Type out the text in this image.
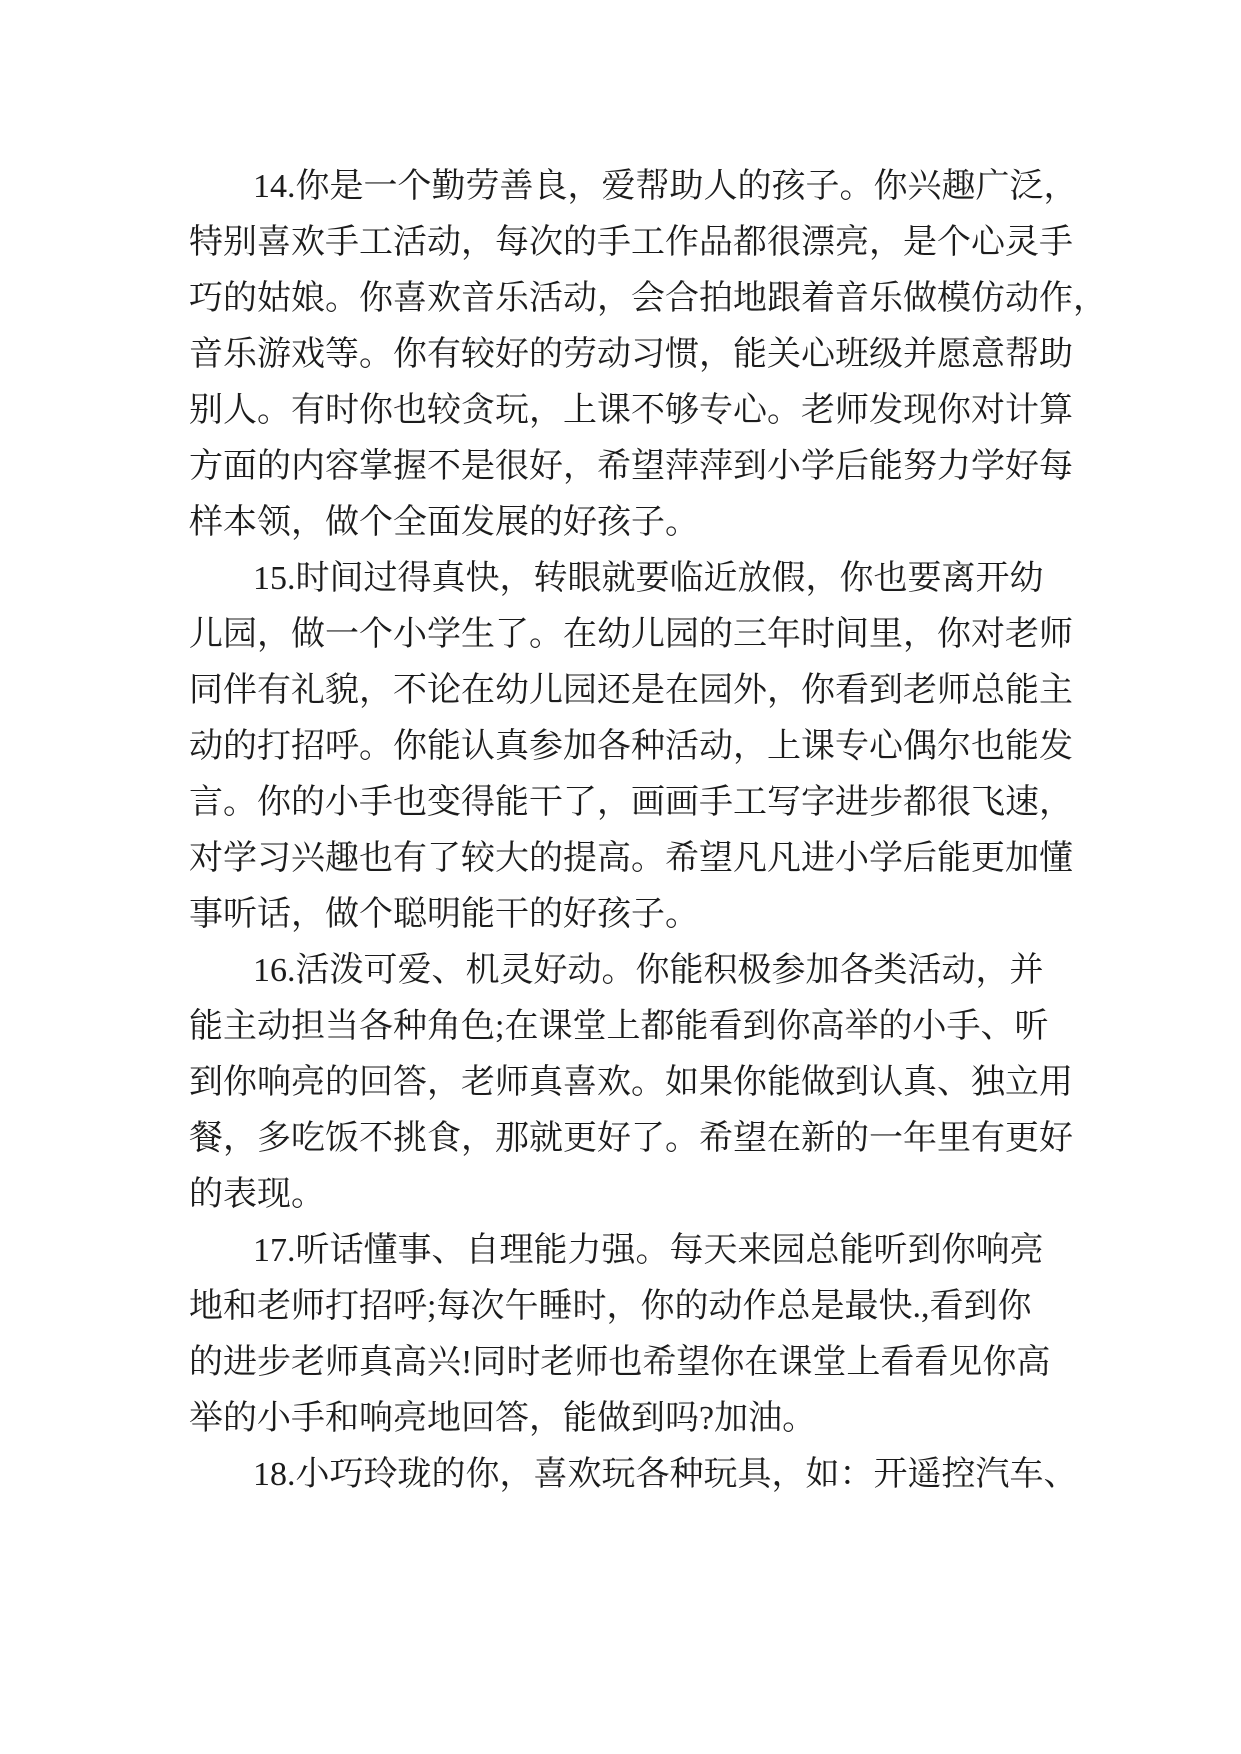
14.你是一个勤劳善良，爱帮助人的孩子。你兴趣广泛，
特别喜欢手工活动，每次的手工作品都很漂亮，是个心灵手
巧的姑娘。你喜欢音乐活动，会合拍地跟着音乐做模仿动作，
音乐游戏等。你有较好的劳动习惯，能关心班级并愿意帮助
别人。有时你也较贪玩，上课不够专心。老师发现你对计算
方面的内容掌握不是很好，希望萍萍到小学后能努力学好每
样本领，做个全面发展的好孩子。
15.时间过得真快，转眼就要临近放假，你也要离开幼
儿园，做一个小学生了。在幼儿园的三年时间里，你对老师
同伴有礼貌，不论在幼儿园还是在园外，你看到老师总能主
动的打招呼。你能认真参加各种活动，上课专心偶尔也能发
言。你的小手也变得能干了，画画手工写字进步都很飞速，
对学习兴趣也有了较大的提高。希望凡凡进小学后能更加懂
事听话，做个聪明能干的好孩子。
16.活泼可爱、机灵好动。你能积极参加各类活动，并
能主动担当各种角色;在课堂上都能看到你高举的小手、听
到你响亮的回答，老师真喜欢。如果你能做到认真、独立用
餐，多吃饭不挑食，那就更好了。希望在新的一年里有更好
的表现。
17.听话懂事、自理能力强。每天来园总能听到你响亮
地和老师打招呼;每次午睡时，你的动作总是最快.,看到你
的进步老师真高兴!同时老师也希望你在课堂上看看见你高
举的小手和响亮地回答，能做到吗?加油。
18.小巧玲珑的你，喜欢玩各种玩具，如：开遥控汽车、
